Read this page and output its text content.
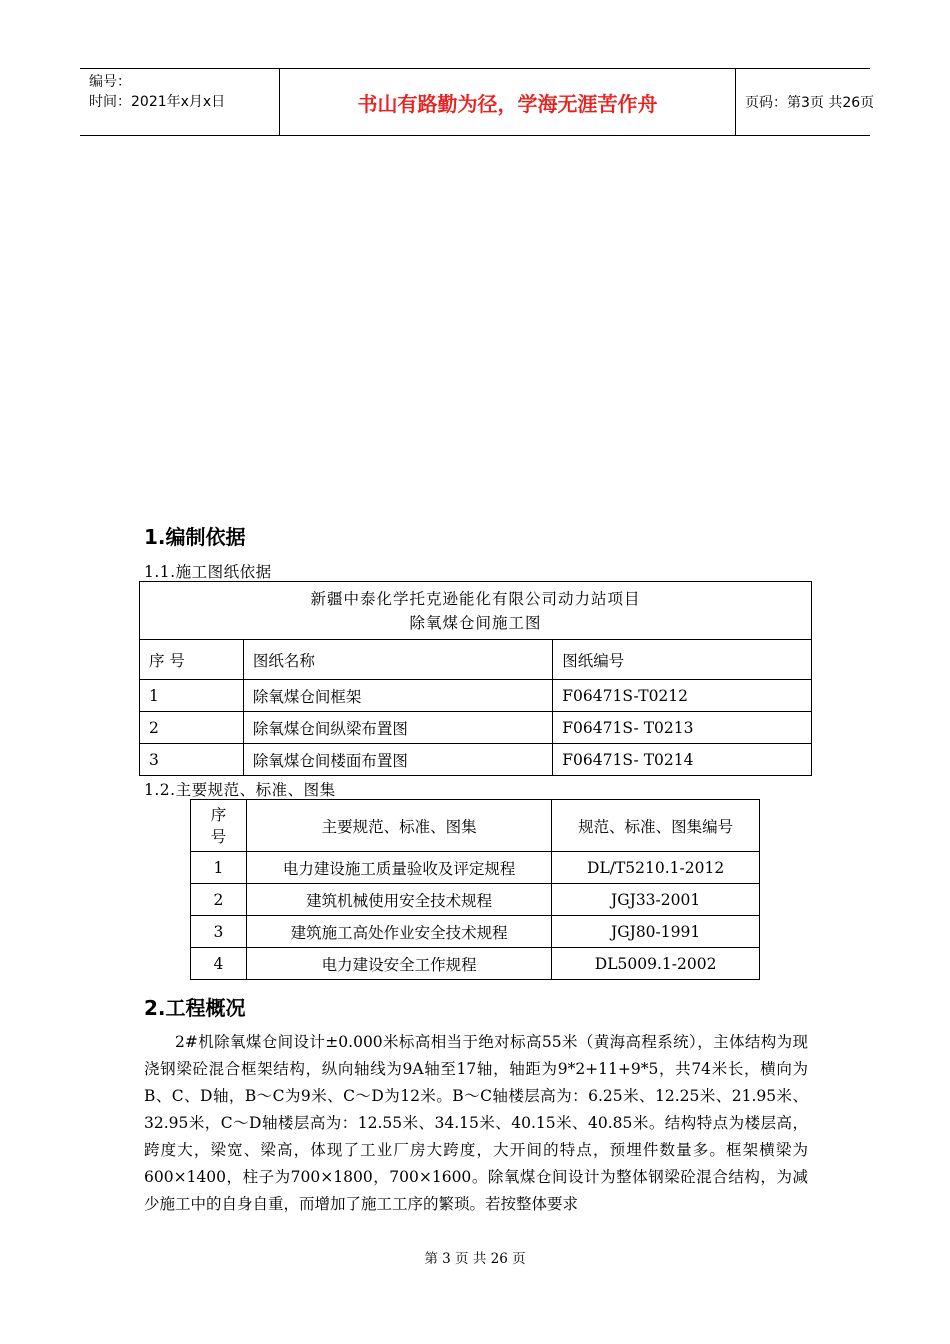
编号：
时间：2021年x月x日	书山有路勤为径，学海无涯苦作舟	页码：第3页 共26页
1.编制依据
1.1.施工图纸依据
新疆中泰化学托克逊能化有限公司动力站项目
除氧煤仓间施工图		

序 号	图纸名称	图纸编号
1	除氧煤仓间框架	F06471S-T0212
2	除氧煤仓间纵梁布置图	F06471S- T0213
3	除氧煤仓间楼面布置图	F06471S- T0214
1.2.主要规范、标准、图集
序号	主要规范、标准、图集	规范、标准、图集编号
1	电力建设施工质量验收及评定规程	DL/T5210.1-2012
2	建筑机械使用安全技术规程	JGJ33-2001
3	建筑施工高处作业安全技术规程	JGJ80-1991
4	电力建设安全工作规程	DL5009.1-2002
2.工程概况

2#机除氧煤仓间设计±0.000米标高相当于绝对标高55米（黄海高程系统），主体结构为现浇钢梁砼混合框架结构，纵向轴线为9A轴至17轴，轴距为9*2+11+9*5，共74米长，横向为B、C、D轴，B～C为9米、C～D为12米。B～C轴楼层高为：6.25米、12.25米、21.95米、32.95米，C～D轴楼层高为：12.55米、34.15米、40.15米、40.85米。结构特点为楼层高，跨度大，梁宽、梁高，体现了工业厂房大跨度，大开间的特点，预埋件数量多。框架横梁为600×1400，柱子为700×1800，700×1600。除氧煤仓间设计为整体钢梁砼混合结构，为减少施工中的自身自重，而增加了施工工序的繁琐。若按整体要求

第 3 页 共 26 页
